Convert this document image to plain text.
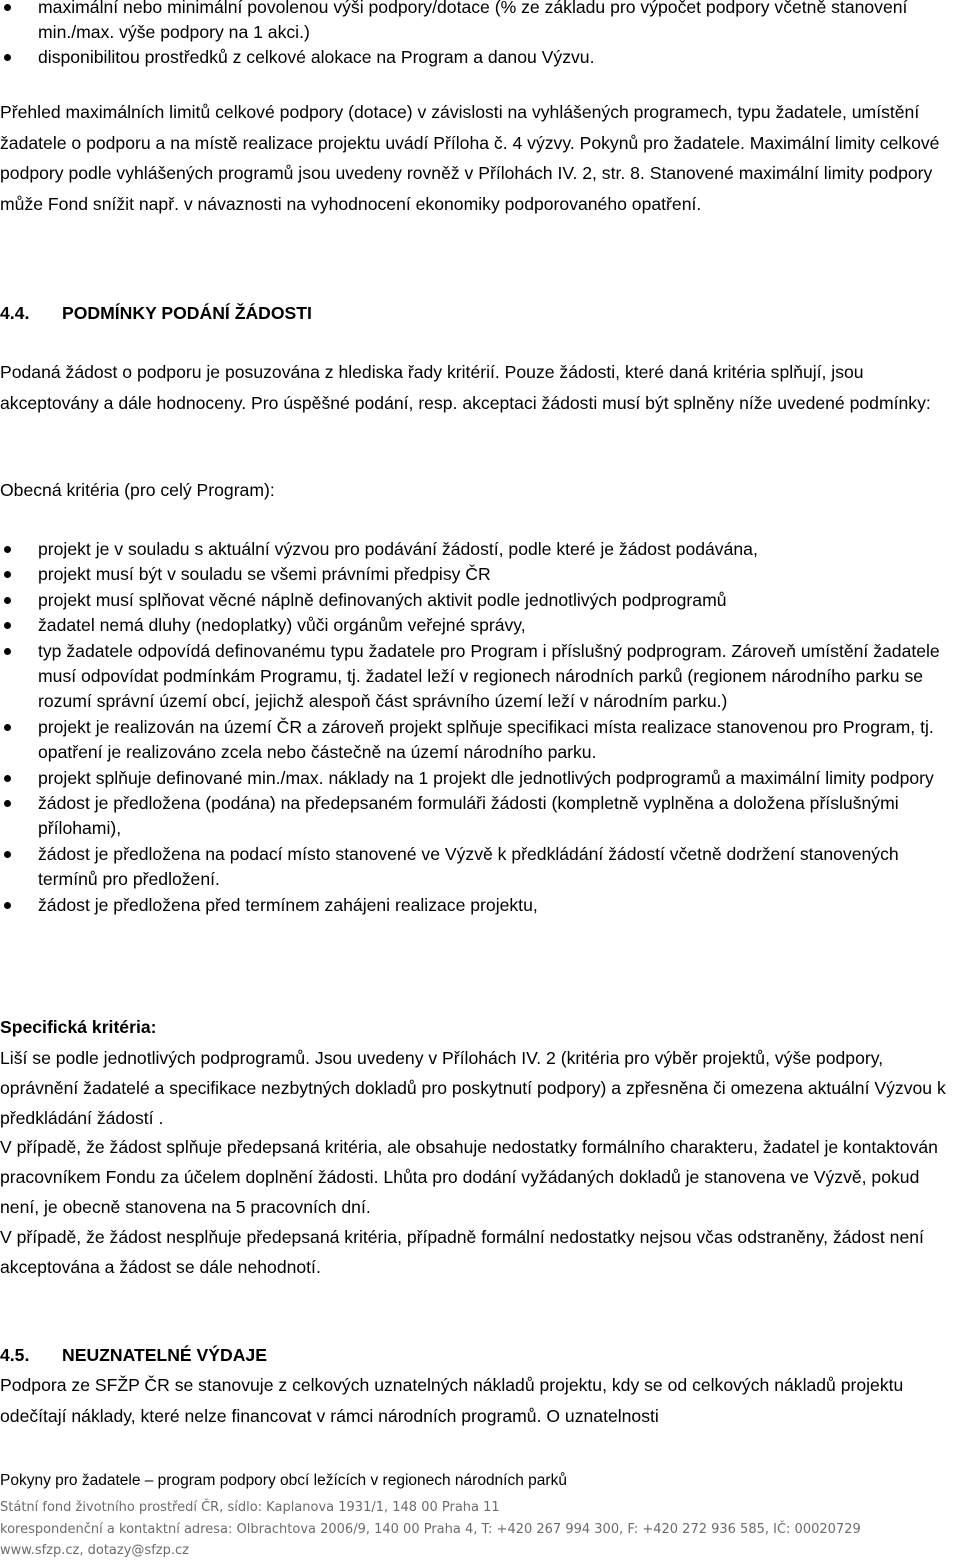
maximální nebo minimální povolenou výši podpory/dotace (% ze základu pro výpočet podpory včetně stanovení min./max. výše podpory na 1 akci.)
disponibilitou prostředků z celkové alokace na Program a danou Výzvu.

Přehled maximálních limitů celkové podpory (dotace) v závislosti na vyhlášených programech, typu žadatele, umístění žadatele o podporu a na místě realizace projektu uvádí Příloha č. 4 výzvy. Pokynů pro žadatele. Maximální limity celkové podpory podle vyhlášených programů jsou uvedeny rovněž v Přílohách IV. 2, str. 8. Stanovené maximální limity podpory může Fond snížit např. v návaznosti na vyhodnocení ekonomiky podporovaného opatření.

4.4. PODMÍNKY PODÁNÍ ŽÁDOSTI

Podaná žádost o podporu je posuzována z hlediska řady kritérií. Pouze žádosti, které daná kritéria splňují, jsou akceptovány a dále hodnoceny. Pro úspěšné podání, resp. akceptaci žádosti musí být splněny níže uvedené podmínky:

Obecná kritéria (pro celý Program):

projekt je v souladu s aktuální výzvou pro podávání žádostí, podle které je žádost podávána,
projekt musí být v souladu se všemi právními předpisy ČR
projekt musí splňovat věcné náplně definovaných aktivit podle jednotlivých podprogramů
žadatel nemá dluhy (nedoplatky) vůči orgánům veřejné správy,
typ žadatele odpovídá definovanému typu žadatele pro Program i příslušný podprogram. Zároveň umístění žadatele musí odpovídat podmínkám Programu, tj. žadatel leží v regionech národních parků (regionem národního parku se rozumí správní území obcí, jejichž alespoň část správního území leží v národním parku.)
projekt je realizován na území ČR a zároveň projekt splňuje specifikaci místa realizace stanovenou pro Program, tj. opatření je realizováno zcela nebo částečně na území národního parku.
projekt splňuje definované min./max. náklady na 1 projekt dle jednotlivých podprogramů a maximální limity podpory
žádost je předložena (podána) na předepsaném formuláři žádosti (kompletně vyplněna a doložena příslušnými přílohami),
žádost je předložena na podací místo stanovené ve Výzvě k předkládání žádostí včetně dodržení stanovených termínů pro předložení.
žádost je předložena před termínem zahájeni realizace projektu,

Specifická kritéria:

Liší se podle jednotlivých podprogramů. Jsou uvedeny v Přílohách IV. 2 (kritéria pro výběr projektů, výše podpory, oprávnění žadatelé a specifikace nezbytných dokladů pro poskytnutí podpory) a zpřesněna či omezena aktuální Výzvou k předkládání žádostí .

V případě, že žádost splňuje předepsaná kritéria, ale obsahuje nedostatky formálního charakteru, žadatel je kontaktován pracovníkem Fondu za účelem doplnění žádosti. Lhůta pro dodání vyžádaných dokladů je stanovena ve Výzvě, pokud není, je obecně stanovena na 5 pracovních dní.

V případě, že žádost nesplňuje předepsaná kritéria, případně formální nedostatky nejsou včas odstraněny, žádost není akceptována a žádost se dále nehodnotí.

4.5. NEUZNATELNÉ VÝDAJE

Podpora ze SFŽP ČR se stanovuje z celkových uznatelných nákladů projektu, kdy se od celkových nákladů projektu odečítají náklady, které nelze financovat v rámci národních programů. O uznatelnosti

Pokyny pro žadatele – program podpory obcí ležících v regionech národních parků
Státní fond životního prostředí ČR, sídlo: Kaplanova 1931/1, 148 00 Praha 11
korespondenční a kontaktní adresa: Olbrachtova 2006/9, 140 00 Praha 4, T: +420 267 994 300, F: +420 272 936 585, IČ: 00020729
www.sfzp.cz, dotazy@sfzp.cz
